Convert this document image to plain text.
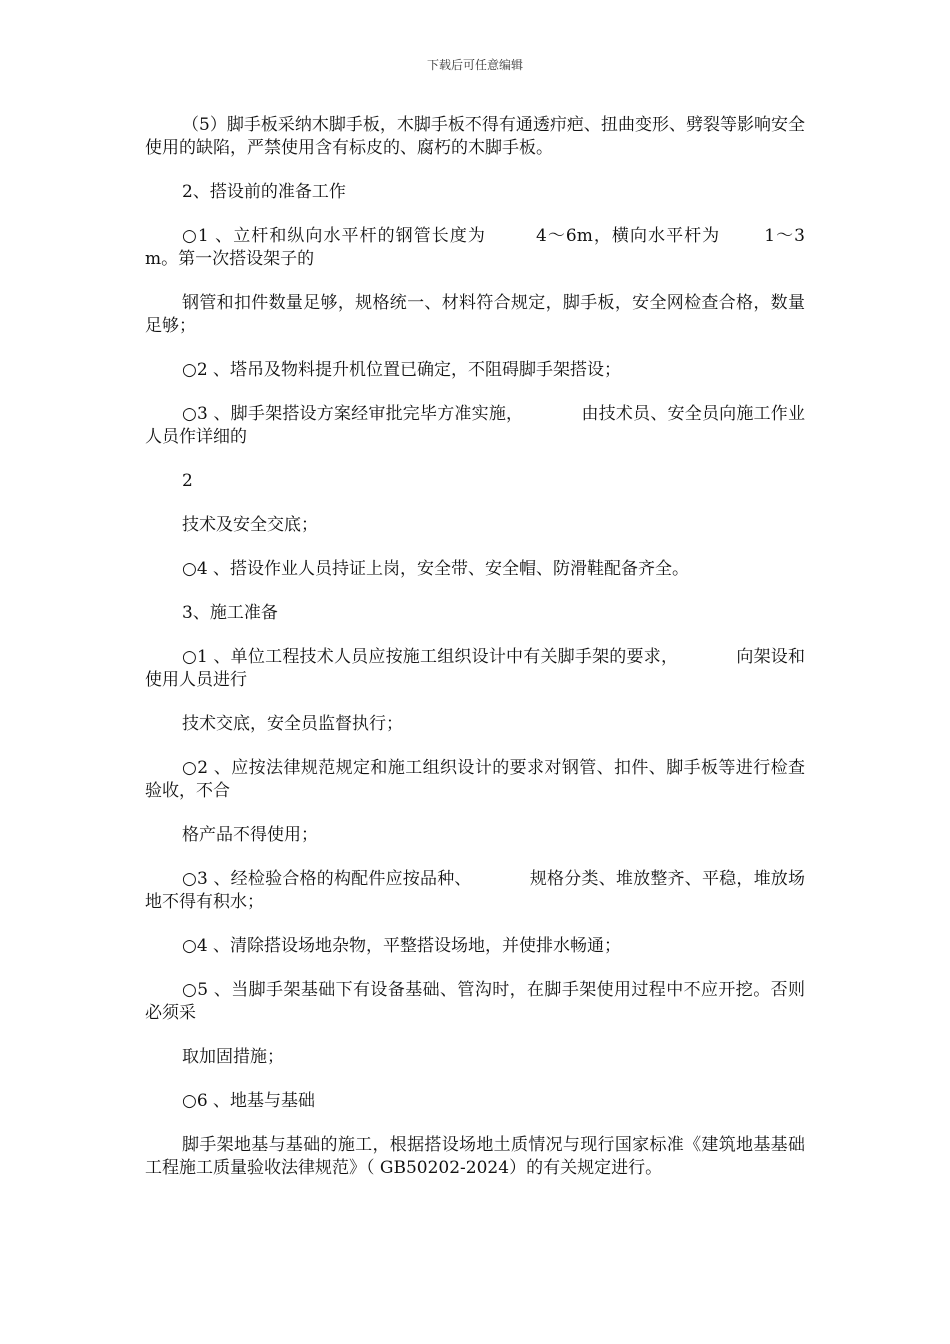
下载后可任意编辑

（5）脚手板采纳木脚手板，木脚手板不得有通透疖疤、扭曲变形、劈裂等影响安全使用的缺陷，严禁使用含有标皮的、腐朽的木脚手板。

2、搭设前的准备工作

○1 、立杆和纵向水平杆的钢管长度为	4～6m，横向水平杆为	1～3m。第一次搭设架子的

钢管和扣件数量足够，规格统一、材料符合规定，脚手板，安全网检查合格，数量足够；

○2 、塔吊及物料提升机位置已确定，不阻碍脚手架搭设；

○3 、脚手架搭设方案经审批完毕方准实施，	由技术员、安全员向施工作业人员作详细的

2

技术及安全交底；

○4 、搭设作业人员持证上岗，安全带、安全帽、防滑鞋配备齐全。

3、施工准备

○1 、单位工程技术人员应按施工组织设计中有关脚手架的要求，	向架设和使用人员进行

技术交底，安全员监督执行；

○2 、应按法律规范规定和施工组织设计的要求对钢管、扣件、脚手板等进行检查验收，不合

格产品不得使用；

○3 、经检验合格的构配件应按品种、	规格分类、堆放整齐、平稳，堆放场地不得有积水；

○4 、清除搭设场地杂物，平整搭设场地，并使排水畅通；

○5 、当脚手架基础下有设备基础、管沟时，在脚手架使用过程中不应开挖。否则必须采

取加固措施；

○6 、地基与基础

脚手架地基与基础的施工，根据搭设场地土质情况与现行国家标准《建筑地基基础工程施工质量验收法律规范》（ GB50202-2024）的有关规定进行。
